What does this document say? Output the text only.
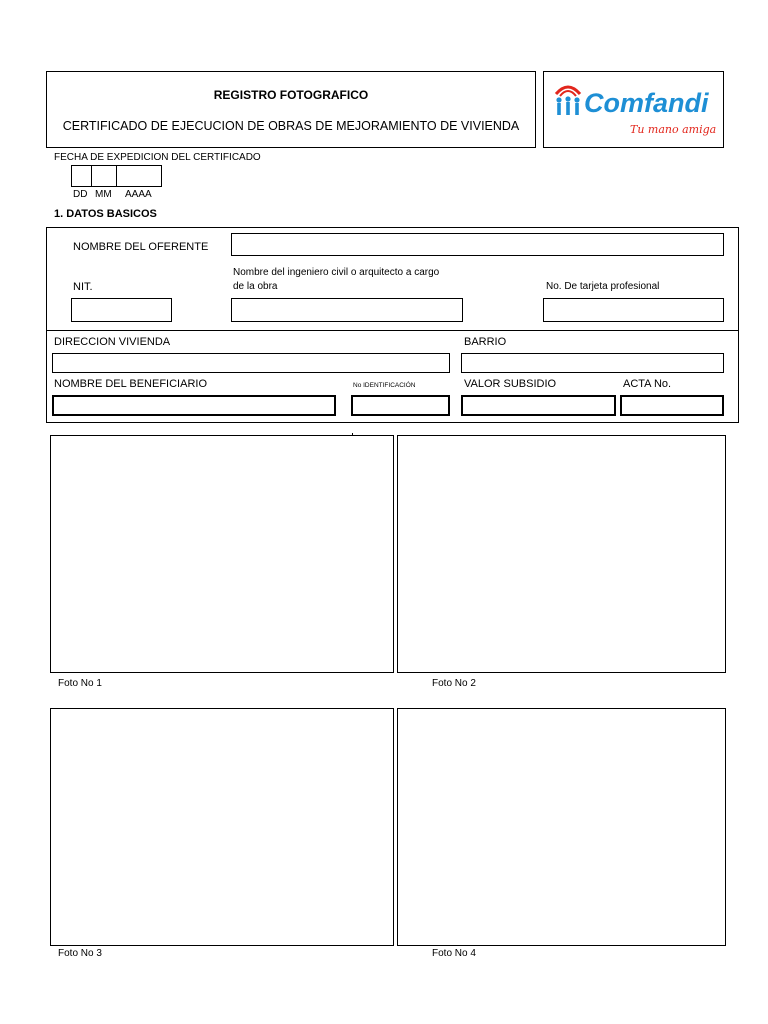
REGISTRO FOTOGRAFICO
CERTIFICADO DE EJECUCION DE OBRAS DE MEJORAMIENTO DE VIVIENDA
Comfandi
Tu mano amiga
FECHA DE EXPEDICION DEL CERTIFICADO
DD MM AAAA
1. DATOS BASICOS
NOMBRE DEL OFERENTE
Nombre del ingeniero civil o arquitecto a cargo de la obra
NIT.	No. De tarjeta profesional
DIRECCION VIVIENDA	BARRIO
NOMBRE DEL BENEFICIARIO	No IDENTIFICACIÓN	VALOR SUBSIDIO	ACTA No.
Foto No 1	Foto No 2
Foto No 3	Foto No 4
